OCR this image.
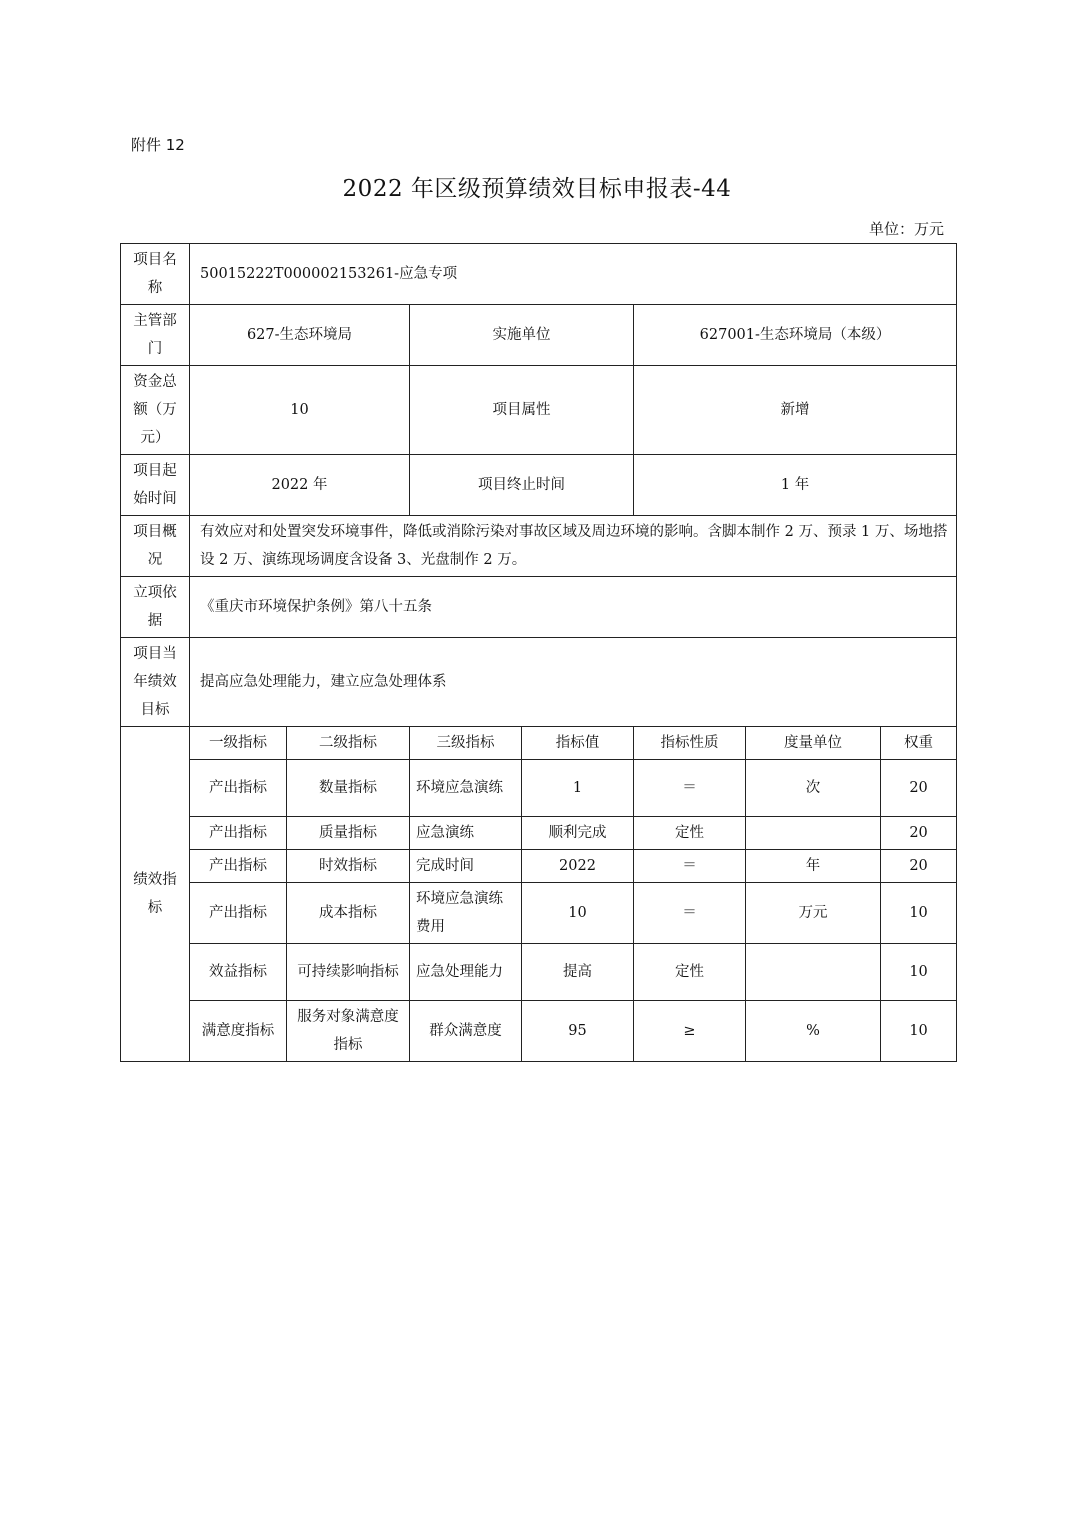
附件 12
2022 年区级预算绩效目标申报表-44
单位：万元
项目名称	50015222T000002153261-应急专项						
主管部门	627-生态环境局		实施单位		627001-生态环境局（本级）		
资金总额（万元）	10		项目属性		新增		
项目起始时间	2022 年		项目终止时间		1 年		
项目概况	有效应对和处置突发环境事件，降低或消除污染对事故区域及周边环境的影响。含脚本制作 2 万、预录 1 万、场地搭设 2 万、演练现场调度含设备 3、光盘制作 2 万。						
立项依据	《重庆市环境保护条例》第八十五条						
项目当年绩效目标	提高应急处理能力，建立应急处理体系						
绩效指标	一级指标	二级指标	三级指标	指标值	指标性质	度量单位	权重
	产出指标	数量指标	环境应急演练	1	＝	次	20
	产出指标	质量指标	应急演练	顺利完成	定性		20
	产出指标	时效指标	完成时间	2022	＝	年	20
	产出指标	成本指标	环境应急演练费用	10	＝	万元	10
	效益指标	可持续影响指标	应急处理能力	提高	定性		10
	满意度指标	服务对象满意度指标	群众满意度	95	≥	%	10
